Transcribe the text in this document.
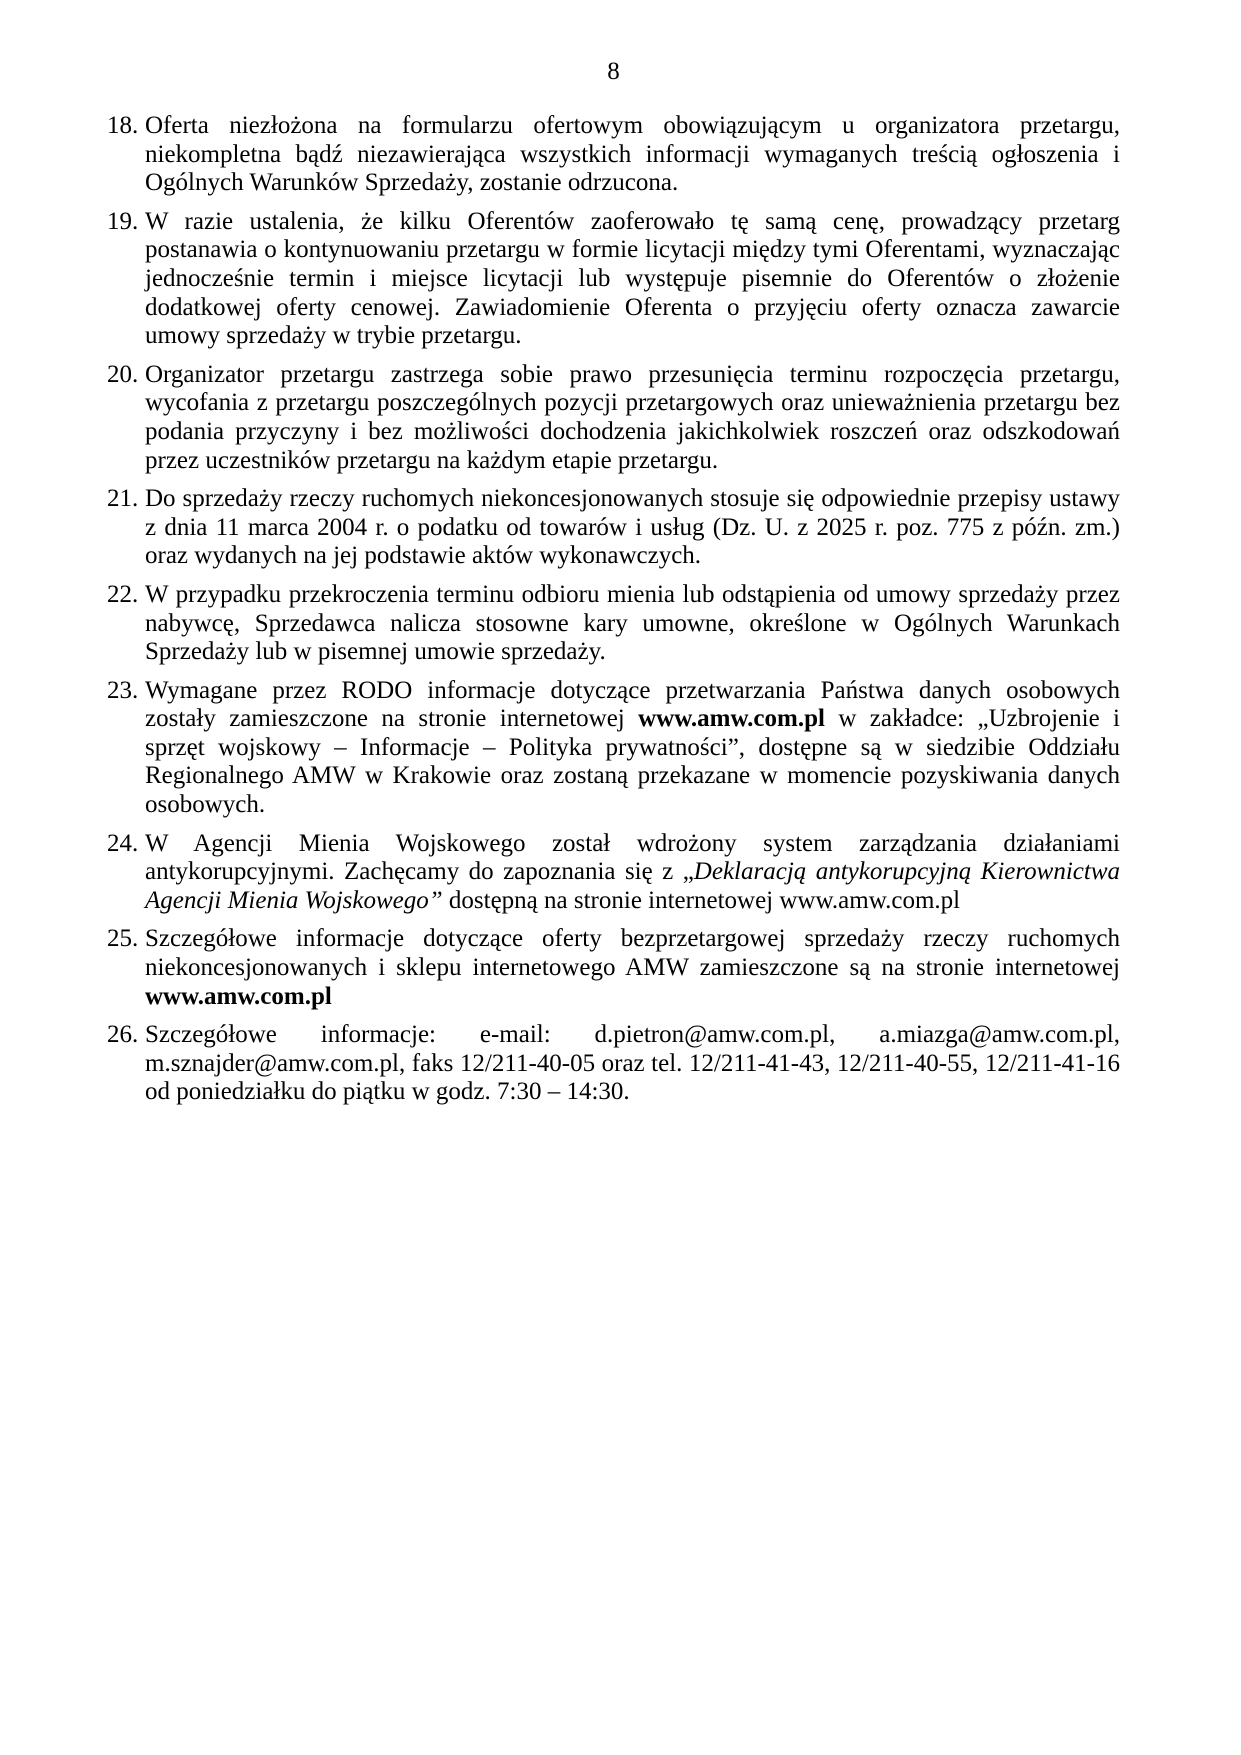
8
18. Oferta niezłożona na formularzu ofertowym obowiązującym u organizatora przetargu, niekompletna bądź niezawierająca wszystkich informacji wymaganych treścią ogłoszenia i Ogólnych Warunków Sprzedaży, zostanie odrzucona.
19. W razie ustalenia, że kilku Oferentów zaoferowało tę samą cenę, prowadzący przetarg postanawia o kontynuowaniu przetargu w formie licytacji między tymi Oferentami, wyznaczając jednocześnie termin i miejsce licytacji lub występuje pisemnie do Oferentów o złożenie dodatkowej oferty cenowej. Zawiadomienie Oferenta o przyjęciu oferty oznacza zawarcie umowy sprzedaży w trybie przetargu.
20. Organizator przetargu zastrzega sobie prawo przesunięcia terminu rozpoczęcia przetargu, wycofania z przetargu poszczególnych pozycji przetargowych oraz unieważnienia przetargu bez podania przyczyny i bez możliwości dochodzenia jakichkolwiek roszczeń oraz odszkodowań przez uczestników przetargu na każdym etapie przetargu.
21. Do sprzedaży rzeczy ruchomych niekoncesjonowanych stosuje się odpowiednie przepisy ustawy z dnia 11 marca 2004 r. o podatku od towarów i usług (Dz. U. z 2025 r. poz. 775 z późn. zm.) oraz wydanych na jej podstawie aktów wykonawczych.
22. W przypadku przekroczenia terminu odbioru mienia lub odstąpienia od umowy sprzedaży przez nabywcę, Sprzedawca nalicza stosowne kary umowne, określone w Ogólnych Warunkach Sprzedaży lub w pisemnej umowie sprzedaży.
23. Wymagane przez RODO informacje dotyczące przetwarzania Państwa danych osobowych zostały zamieszczone na stronie internetowej www.amw.com.pl w zakładce: „Uzbrojenie i sprzęt wojskowy – Informacje – Polityka prywatności”, dostępne są w siedzibie Oddziału Regionalnego AMW w Krakowie oraz zostaną przekazane w momencie pozyskiwania danych osobowych.
24. W Agencji Mienia Wojskowego został wdrożony system zarządzania działaniami antykorupcyjnymi. Zachęcamy do zapoznania się z „Deklaracją antykorupcyjną Kierownictwa Agencji Mienia Wojskowego” dostępną na stronie internetowej www.amw.com.pl
25. Szczegółowe informacje dotyczące oferty bezprzetargowej sprzedaży rzeczy ruchomych niekoncesjonowanych i sklepu internetowego AMW zamieszczone są na stronie internetowej www.amw.com.pl
26. Szczegółowe informacje: e-mail: d.pietron@amw.com.pl, a.miazga@amw.com.pl, m.sznajder@amw.com.pl, faks 12/211-40-05 oraz tel. 12/211-41-43, 12/211-40-55, 12/211-41-16 od poniedziałku do piątku w godz. 7:30 – 14:30.
